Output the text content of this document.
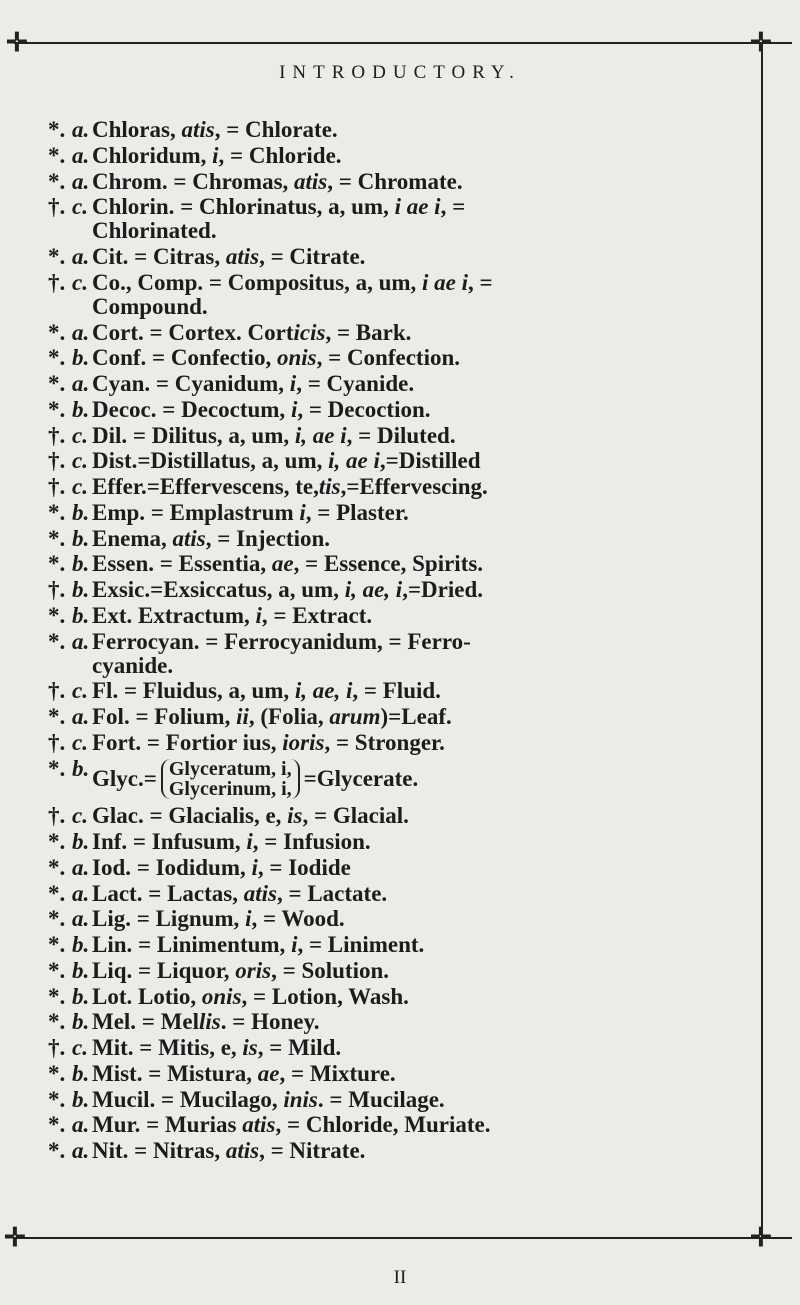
✛	✛
✛	✛
INTRODUCTORY.
*. a. Chloras, atis, = Chlorate.
*. a. Chloridum, i, = Chloride.
*. a. Chrom. = Chromas, atis, = Chromate.
†. c. Chlorin. = Chlorinatus, a, um, i ae i, =
Chlorinated.
*. a. Cit. = Citras, atis, = Citrate.
†. c. Co., Comp. = Compositus, a, um, i ae i, =
Compound.
*. a. Cort. = Cortex. Corticis, = Bark.
*. b. Conf. = Confectio, onis, = Confection.
*. a. Cyan. = Cyanidum, i, = Cyanide.
*. b. Decoc. = Decoctum, i, = Decoction.
†. c. Dil. = Dilitus, a, um, i, ae i, = Diluted.
†. c. Dist.=Distillatus, a, um, i, ae i,=Distilled
†. c. Effer.=Effervescens, te,tis,=Effervescing.
*. b. Emp. = Emplastrum i, = Plaster.
*. b. Enema, atis, = Injection.
*. b. Essen. = Essentia, ae, = Essence, Spirits.
†. b. Exsic.=Exsiccatus, a, um, i, ae, i,=Dried.
*. b. Ext. Extractum, i, = Extract.
*. a. Ferrocyan. = Ferrocyanidum, = Ferro-
cyanide.
†. c. Fl. = Fluidus, a, um, i, ae, i, = Fluid.
*. a. Fol. = Folium, ii, (Folia, arum)=Leaf.
†. c. Fort. = Fortior ius, ioris, = Stronger.
*. b. Glyc.= Glyceratum, i,
Glycerinum, i, =Glycerate.
†. c. Glac. = Glacialis, e, is, = Glacial.
*. b. Inf. = Infusum, i, = Infusion.
*. a. Iod. = Iodidum, i, = Iodide
*. a. Lact. = Lactas, atis, = Lactate.
*. a. Lig. = Lignum, i, = Wood.
*. b. Lin. = Linimentum, i, = Liniment.
*. b. Liq. = Liquor, oris, = Solution.
*. b. Lot. Lotio, onis, = Lotion, Wash.
*. b. Mel. = Mellis. = Honey.
†. c. Mit. = Mitis, e, is, = Mild.
*. b. Mist. = Mistura, ae, = Mixture.
*. b. Mucil. = Mucilago, inis. = Mucilage.
*. a. Mur. = Murias atis, = Chloride, Muriate.
*. a. Nit. = Nitras, atis, = Nitrate.
II
